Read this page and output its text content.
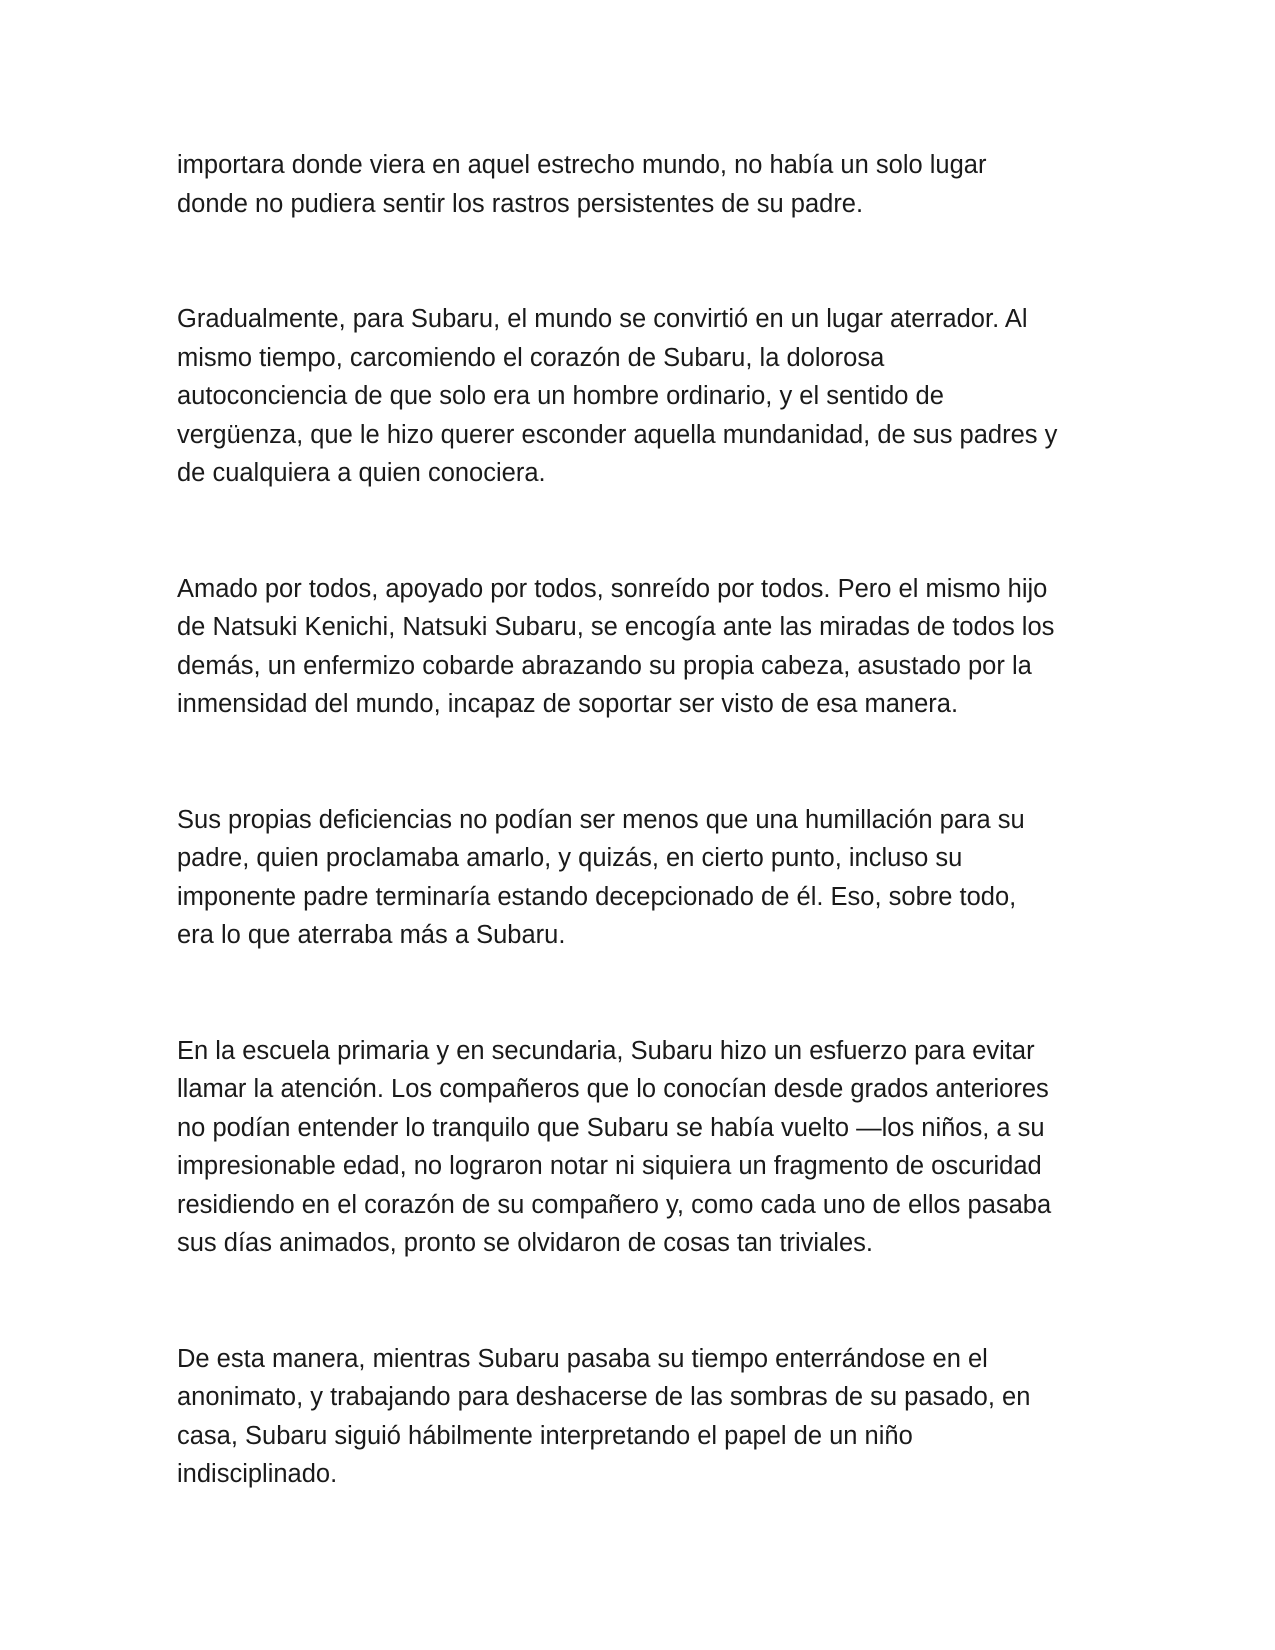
importara donde viera en aquel estrecho mundo, no había un solo lugar
donde no pudiera sentir los rastros persistentes de su padre.

Gradualmente, para Subaru, el mundo se convirtió en un lugar aterrador. Al
mismo tiempo, carcomiendo el corazón de Subaru, la dolorosa
autoconciencia de que solo era un hombre ordinario, y el sentido de
vergüenza, que le hizo querer esconder aquella mundanidad, de sus padres y
de cualquiera a quien conociera.

Amado por todos, apoyado por todos, sonreído por todos. Pero el mismo hijo
de Natsuki Kenichi, Natsuki Subaru, se encogía ante las miradas de todos los
demás, un enfermizo cobarde abrazando su propia cabeza, asustado por la
inmensidad del mundo, incapaz de soportar ser visto de esa manera.

Sus propias deficiencias no podían ser menos que una humillación para su
padre, quien proclamaba amarlo, y quizás, en cierto punto, incluso su
imponente padre terminaría estando decepcionado de él. Eso, sobre todo,
era lo que aterraba más a Subaru.

En la escuela primaria y en secundaria, Subaru hizo un esfuerzo para evitar
llamar la atención. Los compañeros que lo conocían desde grados anteriores
no podían entender lo tranquilo que Subaru se había vuelto —los niños, a su
impresionable edad, no lograron notar ni siquiera un fragmento de oscuridad
residiendo en el corazón de su compañero y, como cada uno de ellos pasaba
sus días animados, pronto se olvidaron de cosas tan triviales.

De esta manera, mientras Subaru pasaba su tiempo enterrándose en el
anonimato, y trabajando para deshacerse de las sombras de su pasado, en
casa, Subaru siguió hábilmente interpretando el papel de un niño
indisciplinado.
